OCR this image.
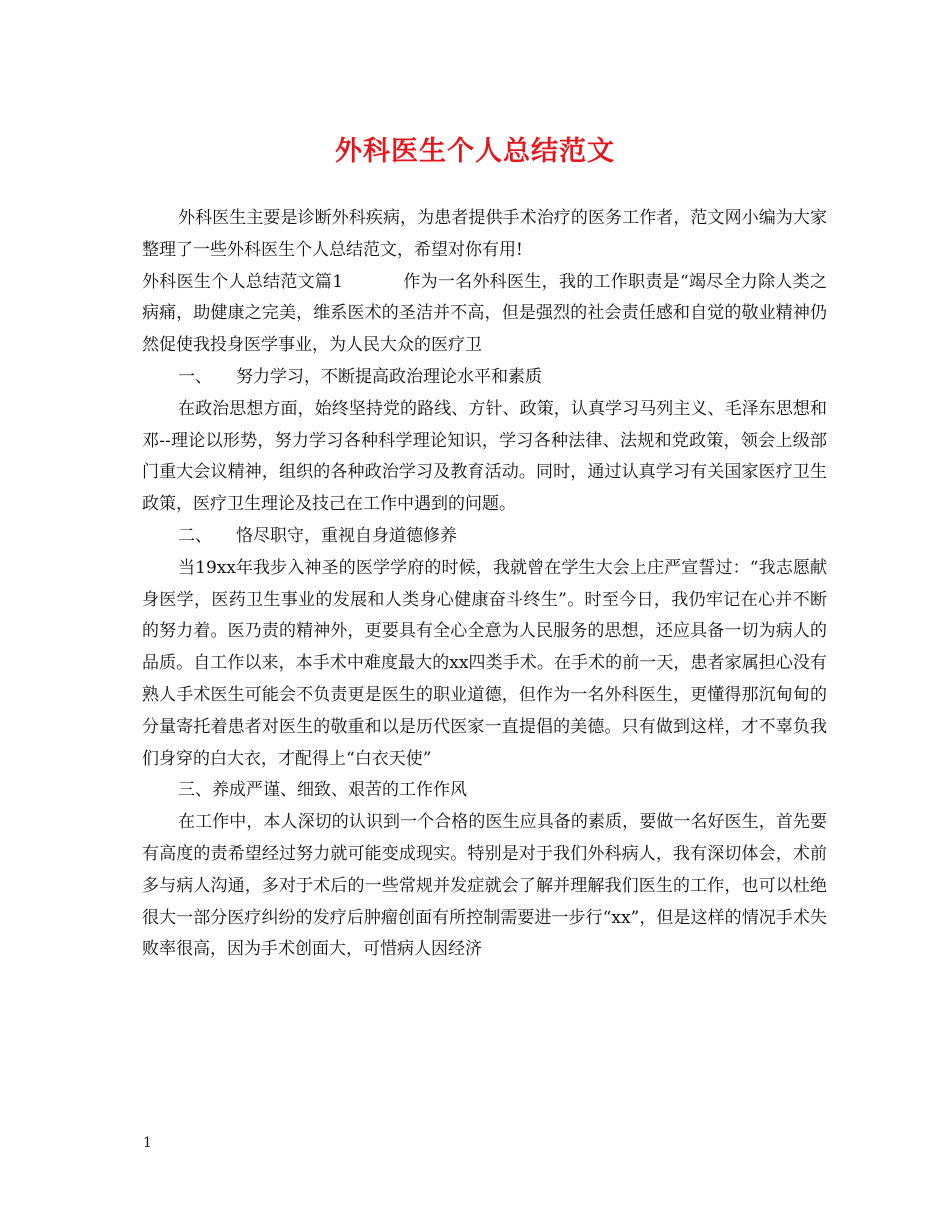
外科医生个人总结范文

外科医生主要是诊断外科疾病，为患者提供手术治疗的医务工作者，范文网小编为大家整理了一些外科医生个人总结范文，希望对你有用!

外科医生个人总结范文篇1	作为一名外科医生，我的工作职责是“竭尽全力除人类之病痛，助健康之完美，维系医术的圣洁并不高，但是强烈的社会责任感和自觉的敬业精神仍然促使我投身医学事业，为人民大众的医疗卫

一、 努力学习，不断提高政治理论水平和素质

在政治思想方面，始终坚持党的路线、方针、政策，认真学习马列主义、毛泽东思想和邓--理论以形势，努力学习各种科学理论知识，学习各种法律、法规和党政策，领会上级部门重大会议精神，组织的各种政治学习及教育活动。同时，通过认真学习有关国家医疗卫生政策，医疗卫生理论及技己在工作中遇到的问题。

二、 恪尽职守，重视自身道德修养

当19xx年我步入神圣的医学学府的时候，我就曾在学生大会上庄严宣誓过：“我志愿献身医学，医药卫生事业的发展和人类身心健康奋斗终生”。时至今日，我仍牢记在心并不断的努力着。医乃责的精神外，更要具有全心全意为人民服务的思想，还应具备一切为病人的品质。自工作以来，本手术中难度最大的xx四类手术。在手术的前一天，患者家属担心没有熟人手术医生可能会不负责更是医生的职业道德，但作为一名外科医生，更懂得那沉甸甸的分量寄托着患者对医生的敬重和以是历代医家一直提倡的美德。只有做到这样，才不辜负我们身穿的白大衣，才配得上“白衣天使”

三、养成严谨、细致、艰苦的工作作风

在工作中，本人深切的认识到一个合格的医生应具备的素质，要做一名好医生，首先要有高度的责希望经过努力就可能变成现实。特别是对于我们外科病人，我有深切体会，术前多与病人沟通，多对于术后的一些常规并发症就会了解并理解我们医生的工作，也可以杜绝很大一部分医疗纠纷的发疗后肿瘤创面有所控制需要进一步行“xx”，但是这样的情况手术失败率很高，因为手术创面大，可惜病人因经济

1
